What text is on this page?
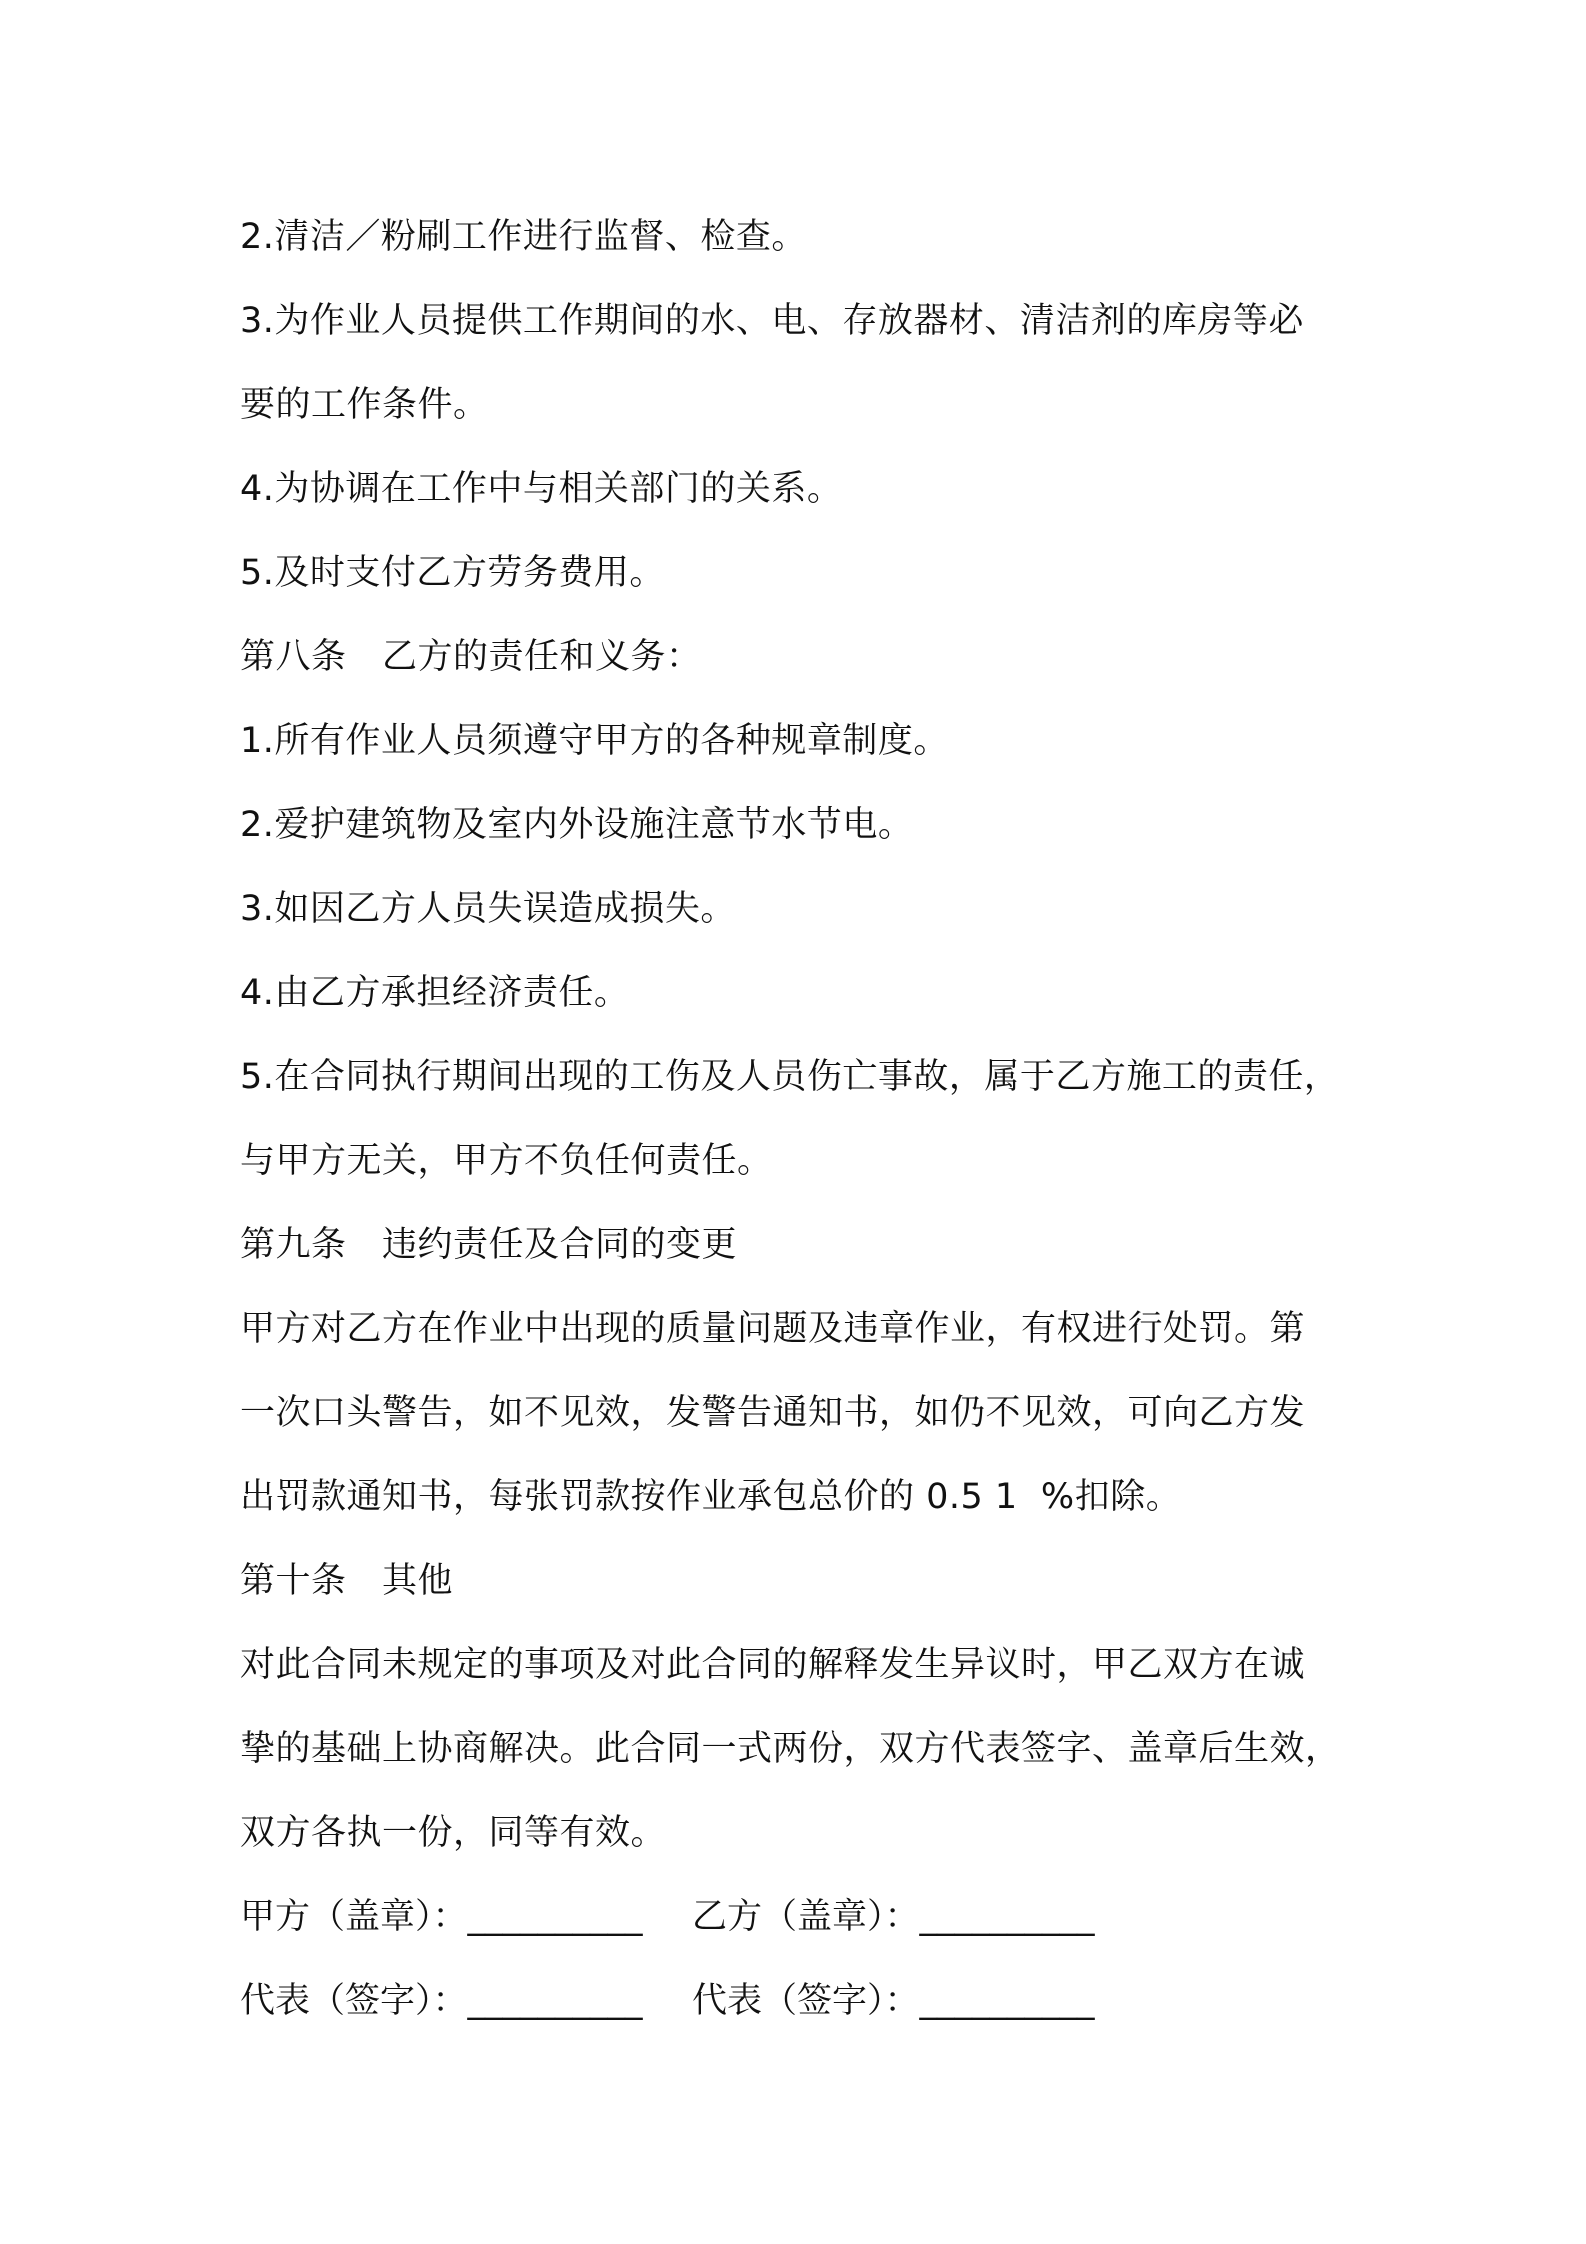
2.清洁／粉刷工作进行监督、检查。
3.为作业人员提供工作期间的水、电、存放器材、清洁剂的库房等必
要的工作条件。
4.为协调在工作中与相关部门的关系。
5.及时支付乙方劳务费用。
第八条　乙方的责任和义务：
1.所有作业人员须遵守甲方的各种规章制度。
2.爱护建筑物及室内外设施注意节水节电。
3.如因乙方人员失误造成损失。
4.由乙方承担经济责任。
5.在合同执行期间出现的工伤及人员伤亡事故，属于乙方施工的责任，
与甲方无关，甲方不负任何责任。
第九条　违约责任及合同的变更
甲方对乙方在作业中出现的质量问题及违章作业，有权进行处罚。第
一次口头警告，如不见效，发警告通知书，如仍不见效，可向乙方发
出罚款通知书，每张罚款按作业承包总价的 0.5 1  %扣除。
第十条　其他
对此合同未规定的事项及对此合同的解释发生异议时，甲乙双方在诚
挚的基础上协商解决。此合同一式两份，双方代表签字、盖章后生效，
双方各执一份，同等有效。
甲方（盖章）：__________	乙方（盖章）：__________
代表（签字）：__________	代表（签字）：__________
